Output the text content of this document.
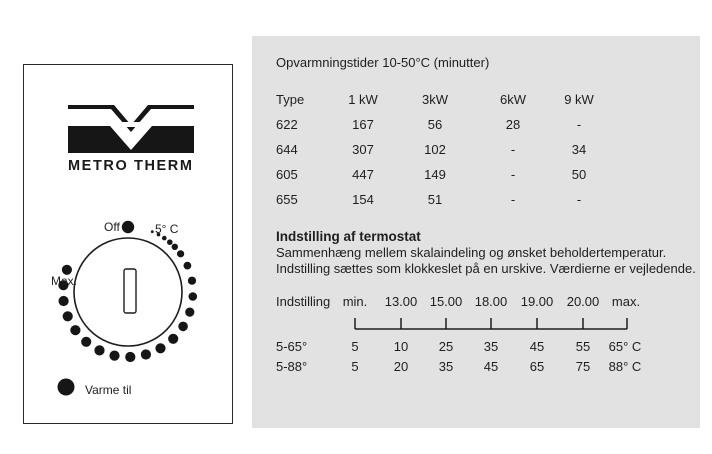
METRO THERM
Off	5° C
Max.
Varme til
Opvarmningstider 10-50°C (minutter)
Type	1 kW	3kW	6kW	9 kW
622	167	56	28	-
644	307	102	-	34
605	447	149	-	50
655	154	51	-	-
Indstilling af termostat
Sammenhæng mellem skalaindeling og ønsket beholdertemperatur.
Indstilling sættes som klokkeslet på en urskive. Værdierne er vejledende.
Indstilling min. 13.00 15.00 18.00 19.00 20.00 max.
5-65°	5	10 25 35 45 55 65° C
5-88°	5	20 35 45 65 75 88° C
